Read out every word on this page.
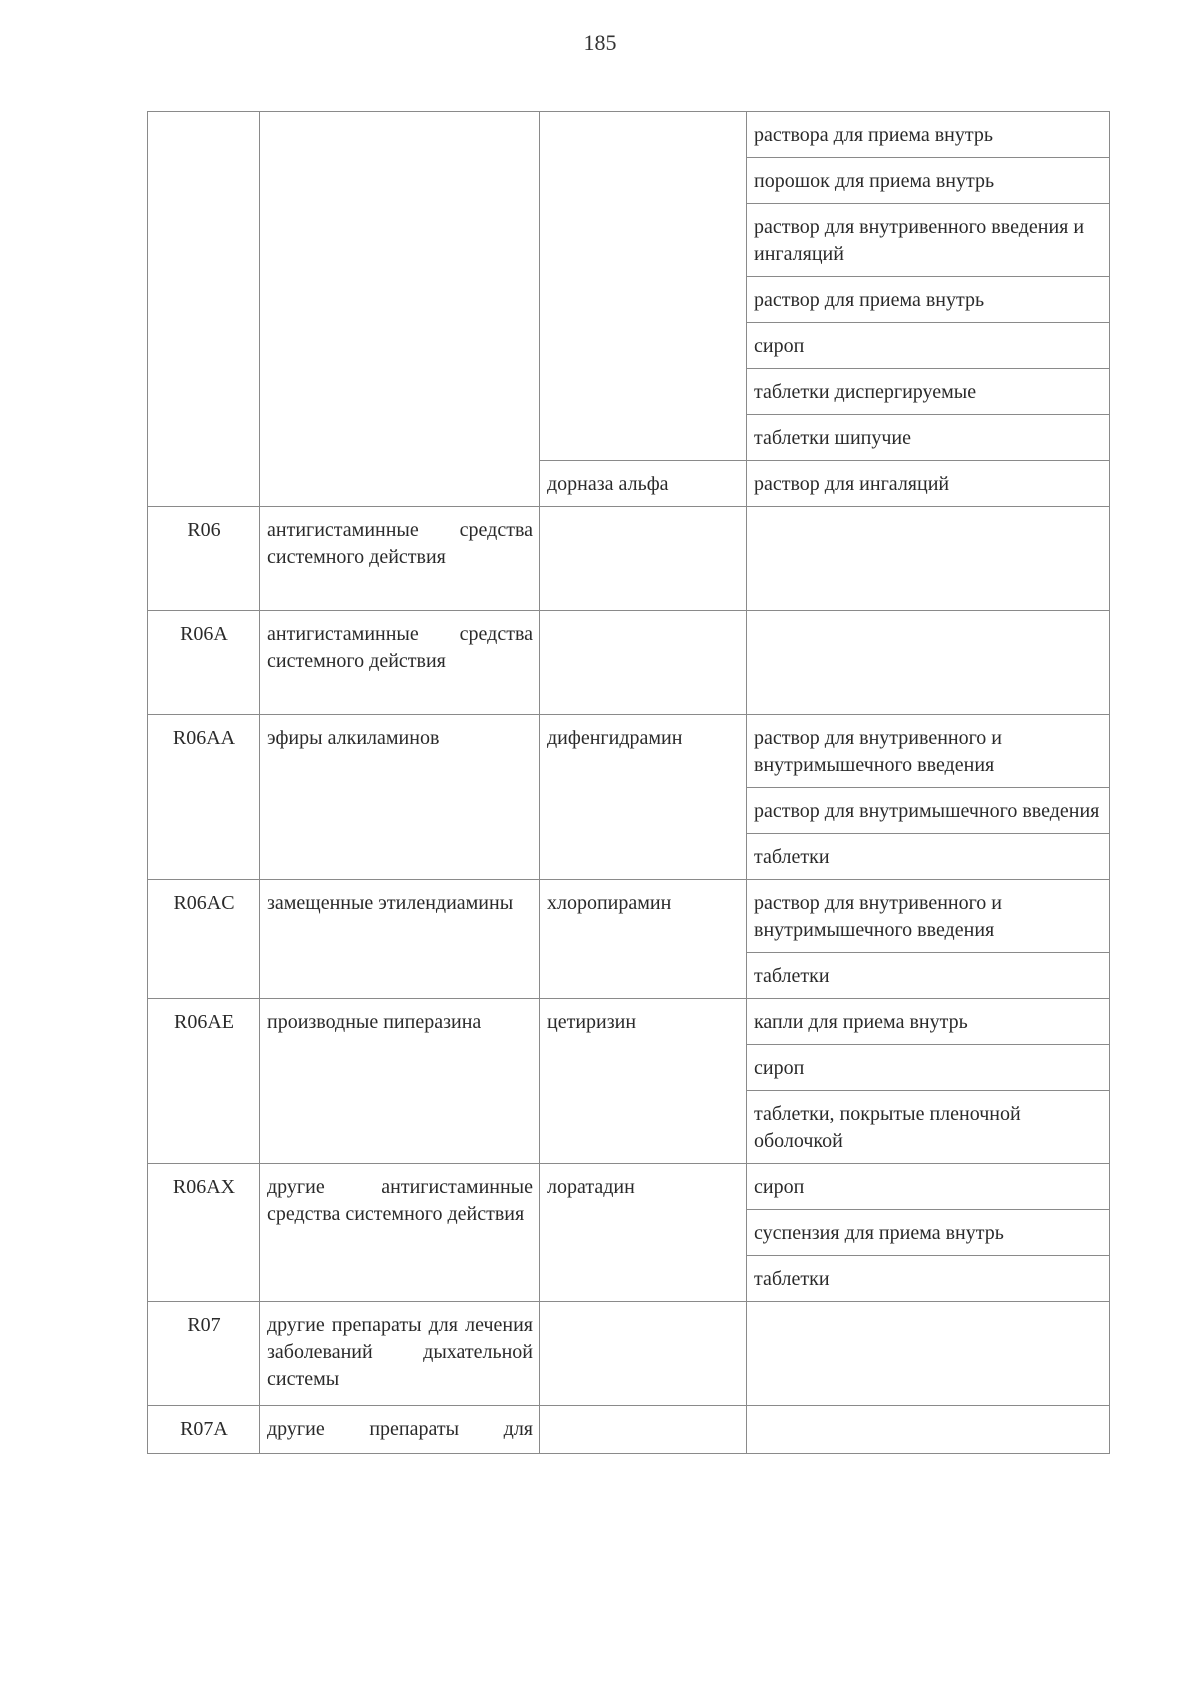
185
			раствора для приема внутрь
			порошок для приема внутрь
			раствор для внутривенного введения и ингаляций
			раствор для приема внутрь
			сироп
			таблетки диспергируемые
			таблетки шипучие
		дорназа альфа	раствор для ингаляций
R06	антигистаминные средства системного действия		
R06A	антигистаминные средства системного действия		
R06AA	эфиры алкиламинов	дифенгидрамин	раствор для внутривенного и внутримышечного введения
			раствор для внутримышечного введения
			таблетки
R06AC	замещенные этилендиамины	хлоропирамин	раствор для внутривенного и внутримышечного введения
			таблетки
R06AE	производные пиперазина	цетиризин	капли для приема внутрь
			сироп
			таблетки, покрытые пленочной оболочкой
R06AX	другие антигистаминные средства системного действия	лоратадин	сироп
			суспензия для приема внутрь
			таблетки
R07	другие препараты для лечения заболеваний дыхательной системы		
R07A	другие препараты для		
